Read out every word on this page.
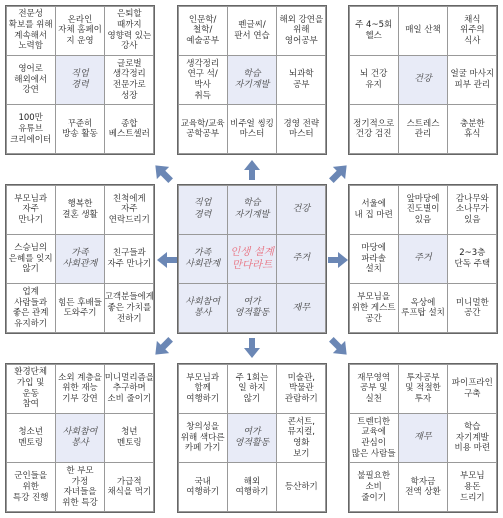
전문성
확보를 위해
계속해서
노력함
온라인
자체 홈페이
지 운영
은퇴할
때까지
영향력 있는
강사
영어로
해외에서
강연
직업
경력
글로벌
생각정리
전문가로
성장
100만
유튜브
크리에이터
꾸준히
방송 활동
종합
베스트셀러
인문학/
철학/
예술공부
펜글씨/
판서 연습
해외 강연을
위해
영어공부
생각정리
연구 석/박사
취득
학습
자기계발
뇌과학
공부
교육학/교육
공학공부
비주얼 씽킹
마스터
경영 전략
마스터
주 4~5회
헬스
매일 산책
채식
위주의
식사
뇌 건강
유지
건강	얼굴 마사지
피부 관리
정기적으로
건강 검진
스트레스
관리
충분한
휴식
부모님과
자주
만나기
행복한
결혼 생활
친척에게
자주
연락드리기
스승님의
은혜를 잊지
않기
가족
사회관계
친구들과
자주 만나기
업계 사람들과
좋은 관계
유지하기
힘든 후배들
도와주기
고객분들에게
좋은 가치를
전하기
직업
경력
학습
자기계발
건강
가족
사회관계
인생 설계
만다라트
주거
사회참여
봉사
여가
영적활동
재무
서울에
내 집 마련
앞마당에
진도별이
있음
감나무와
소나무가
있음
마당에
파라솔
설치
주거	2~3층
단독 주택
부모님을
위한 게스트
공간
옥상에
루프탑 설치
미니멀한
공간
환경단체
가입 및 운동
참여
소외 계층을
위한 재능
기부 강연
미니멀리즘을
추구하며
소비 줄이기
청소년
멘토링
사회참여
봉사
청년
멘토링
군인들을
위한
특강 진행
한 부모 가정
자녀들을
위한 특강
가급적
채식을 먹기
부모님과
함께
여행하기
주 1회는
일 하지 않기
미술관,
박물관
관람하기
창의성을
위해 색다른
카페 가기
여가
영적활동
콘서트,
뮤지컬, 영화
보기
국내
여행하기
해외
여행하기
등산하기
재무영역
공부 및
실천
투자공부
및 적절한
투자
파이프라인
구축
트렌디한
교육에 관심이
많은 사람들
재무
학습
자기계발
비용 마련
불필요한
소비
줄이기
학자금
전액 상환
부모님
용돈
드리기
